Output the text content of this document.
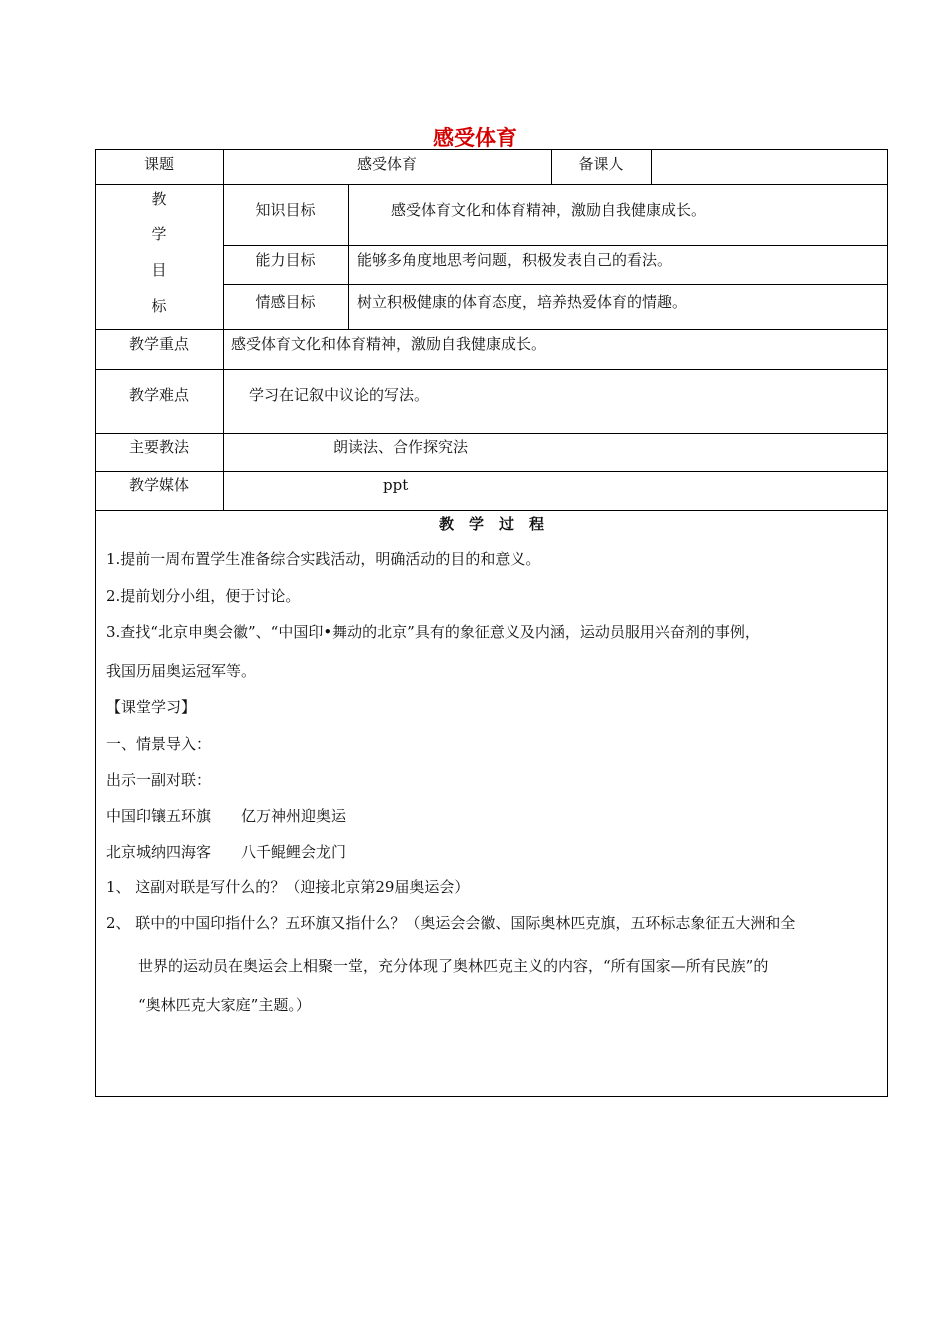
感受体育
课题	感受体育	备课人
教
学
目
标
知识目标	感受体育文化和体育精神，激励自我健康成长。
能力目标	能够多角度地思考问题，积极发表自己的看法。
情感目标	树立积极健康的体育态度，培养热爱体育的情趣。
教学重点	感受体育文化和体育精神，激励自我健康成长。
教学难点	学习在记叙中议论的写法。
主要教法	朗读法、合作探究法
教学媒体	ppt
教　学　过　程
1.提前一周布置学生准备综合实践活动，明确活动的目的和意义。
2.提前划分小组，便于讨论。
3.查找“北京申奥会徽”、“中国印•舞动的北京”具有的象征意义及内涵，运动员服用兴奋剂的事例，
我国历届奥运冠军等。
【课堂学习】
一、情景导入：
出示一副对联：
中国印镶五环旗　　亿万神州迎奥运
北京城纳四海客　　八千鲲鲤会龙门
1、 这副对联是写什么的？（迎接北京第29届奥运会）
2、 联中的中国印指什么？五环旗又指什么？（奥运会会徽、国际奥林匹克旗，五环标志象征五大洲和全
世界的运动员在奥运会上相聚一堂，充分体现了奥林匹克主义的内容，“所有国家—所有民族”的
“奥林匹克大家庭”主题。）
